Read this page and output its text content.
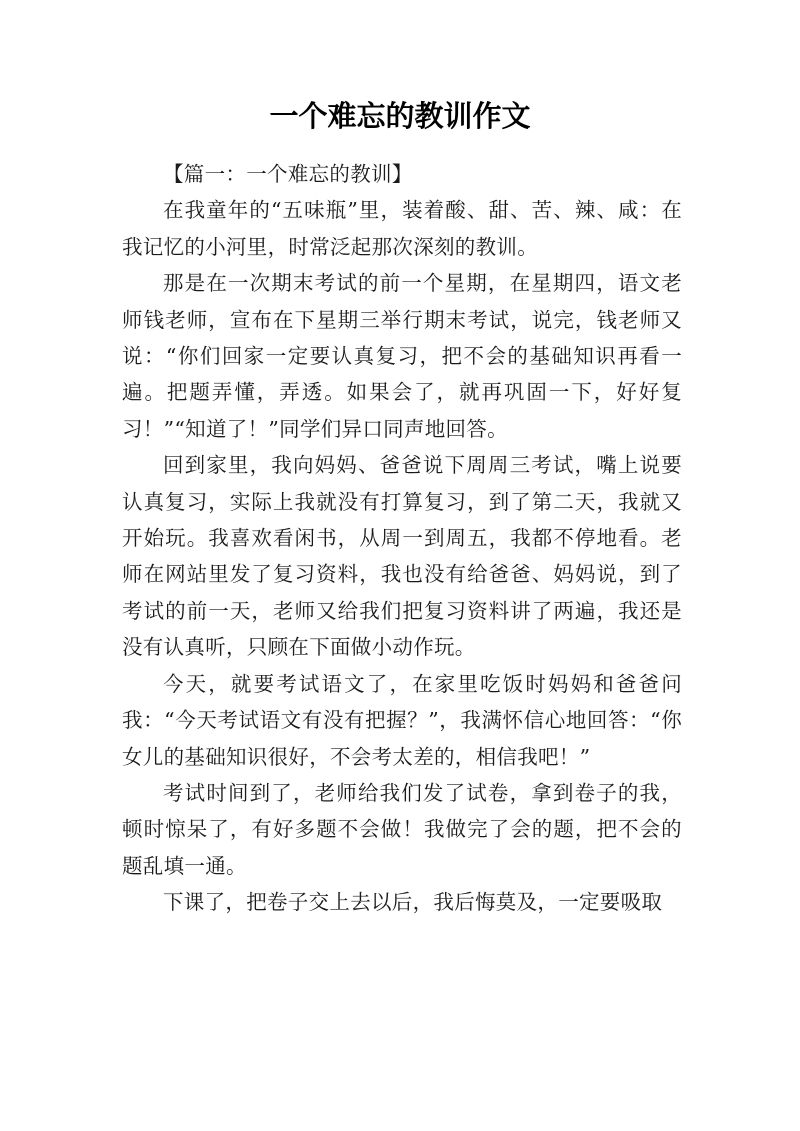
一个难忘的教训作文

【篇一：一个难忘的教训】

在我童年的“五味瓶”里，装着酸、甜、苦、辣、咸：在我记忆的小河里，时常泛起那次深刻的教训。

那是在一次期末考试的前一个星期，在星期四，语文老师钱老师，宣布在下星期三举行期末考试，说完，钱老师又说：“你们回家一定要认真复习，把不会的基础知识再看一遍。把题弄懂，弄透。如果会了，就再巩固一下，好好复习！”“知道了！”同学们异口同声地回答。

回到家里，我向妈妈、爸爸说下周周三考试，嘴上说要认真复习，实际上我就没有打算复习，到了第二天，我就又开始玩。我喜欢看闲书，从周一到周五，我都不停地看。老师在网站里发了复习资料，我也没有给爸爸、妈妈说，到了考试的前一天，老师又给我们把复习资料讲了两遍，我还是没有认真听，只顾在下面做小动作玩。

今天，就要考试语文了，在家里吃饭时妈妈和爸爸问我：“今天考试语文有没有把握？”，我满怀信心地回答：“你女儿的基础知识很好，不会考太差的，相信我吧！”

考试时间到了，老师给我们发了试卷，拿到卷子的我，顿时惊呆了，有好多题不会做！我做完了会的题，把不会的题乱填一通。

下课了，把卷子交上去以后，我后悔莫及，一定要吸取
